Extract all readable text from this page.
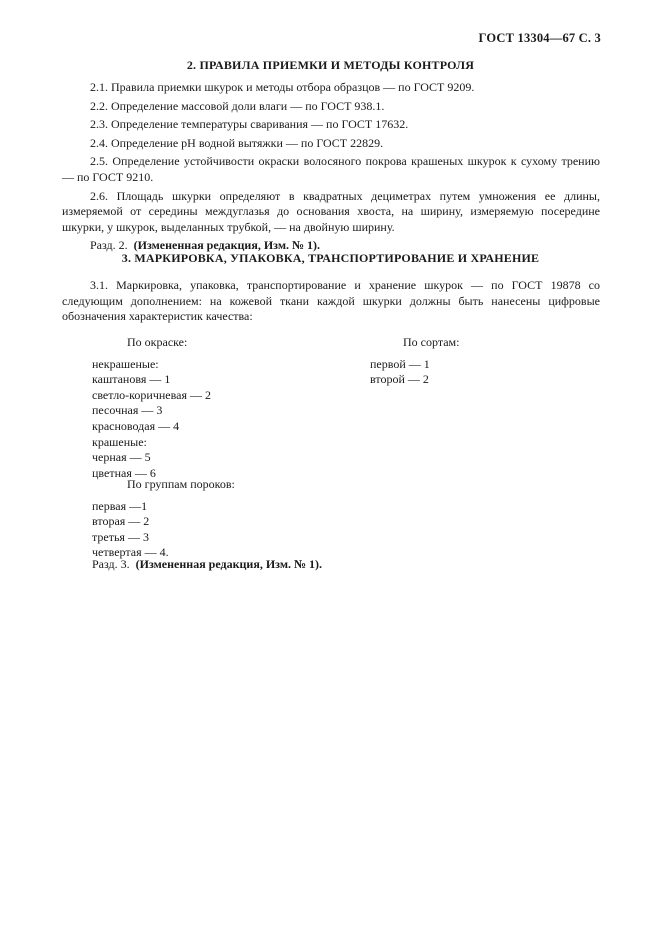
ГОСТ 13304—67 С. 3
2. ПРАВИЛА ПРИЕМКИ И МЕТОДЫ КОНТРОЛЯ

2.1. Правила приемки шкурок и методы отбора образцов — по ГОСТ 9209.

2.2. Определение массовой доли влаги — по ГОСТ 938.1.

2.3. Определение температуры сваривания — по ГОСТ 17632.

2.4. Определение pH водной вытяжки — по ГОСТ 22829.

2.5. Определение устойчивости окраски волосяного покрова крашеных шкурок к сухому трению — по ГОСТ 9210.

2.6. Площадь шкурки определяют в квадратных дециметрах путем умножения ее длины, измеряемой от середины междуглазья до основания хвоста, на ширину, измеряемую посередине шкурки, у шкурок, выделанных трубкой, — на двойную ширину.

Разд. 2. (Измененная редакция, Изм. № 1).

3. МАРКИРОВКА, УПАКОВКА, ТРАНСПОРТИРОВАНИЕ И ХРАНЕНИЕ

3.1. Маркировка, упаковка, транспортирование и хранение шкурок — по ГОСТ 19878 со следующим дополнением: на кожевой ткани каждой шкурки должны быть нанесены цифровые обозначения характеристик качества:

По окраске:
некрашеные:
каштановя — 1
светло-коричневая — 2
песочная — 3
красноводая — 4
крашеные:
черная — 5
цветная — 6
По сортам:
первой — 1
второй — 2
По группам пороков:
первая —1
вторая — 2
третья — 3
четвертая — 4.
Разд. 3. (Измененная редакция, Изм. № 1).
